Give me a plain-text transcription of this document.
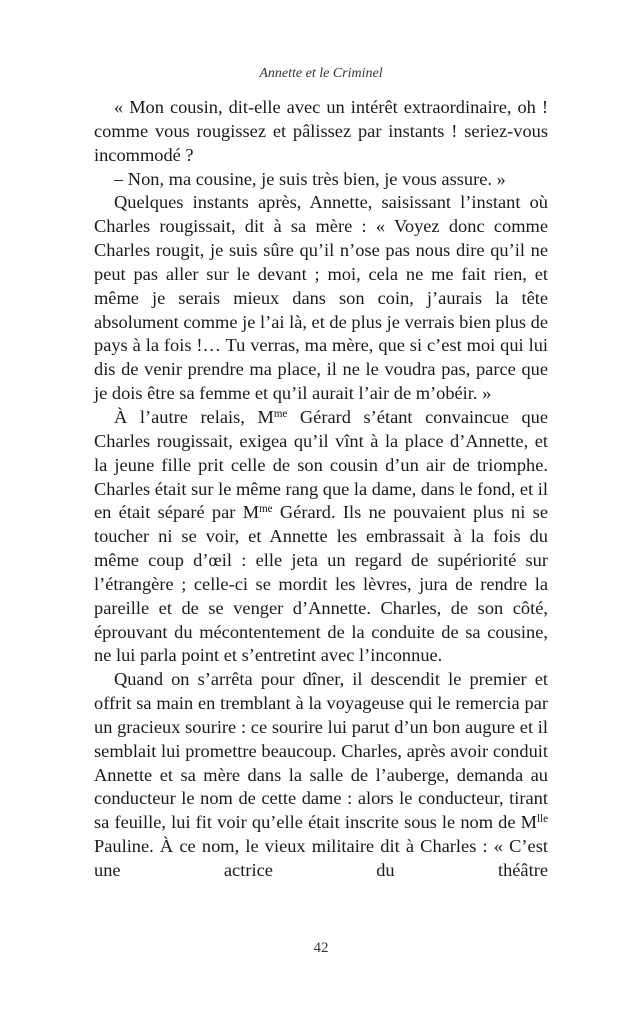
Annette et le Criminel

« Mon cousin, dit-elle avec un intérêt extraordinaire, oh ! comme vous rougissez et pâlissez par instants ! seriez-vous incommodé ?

– Non, ma cousine, je suis très bien, je vous assure. »

Quelques instants après, Annette, saisissant l’instant où Charles rougissait, dit à sa mère : « Voyez donc comme Charles rougit, je suis sûre qu’il n’ose pas nous dire qu’il ne peut pas aller sur le devant ; moi, cela ne me fait rien, et même je serais mieux dans son coin, j’aurais la tête absolument comme je l’ai là, et de plus je verrais bien plus de pays à la fois !… Tu verras, ma mère, que si c’est moi qui lui dis de venir prendre ma place, il ne le voudra pas, parce que je dois être sa femme et qu’il aurait l’air de m’obéir. »

À l’autre relais, $M^{me}$ Gérard s’étant convaincue que Charles rougissait, exigea qu’il vînt à la place d’Annette, et la jeune fille prit celle de son cousin d’un air de triomphe. Charles était sur le même rang que la dame, dans le fond, et il en était séparé par $M^{me}$ Gérard. Ils ne pouvaient plus ni se toucher ni se voir, et Annette les embrassait à la fois du même coup d’œil : elle jeta un regard de supériorité sur l’étrangère ; celle-ci se mordit les lèvres, jura de rendre la pareille et de se venger d’Annette. Charles, de son côté, éprouvant du mécontentement de la conduite de sa cousine, ne lui parla point et s’entretint avec l’inconnue.

Quand on s’arrêta pour dîner, il descendit le premier et offrit sa main en tremblant à la voyageuse qui le remercia par un gracieux sourire : ce sourire lui parut d’un bon augure et il semblait lui promettre beaucoup. Charles, après avoir conduit Annette et sa mère dans la salle de l’auberge, demanda au conducteur le nom de cette dame : alors le conducteur, tirant sa feuille, lui fit voir qu’elle était inscrite sous le nom de $M^{lle}$ Pauline. À ce nom, le vieux militaire dit à Charles : « C’est une actrice du théâtre

42
